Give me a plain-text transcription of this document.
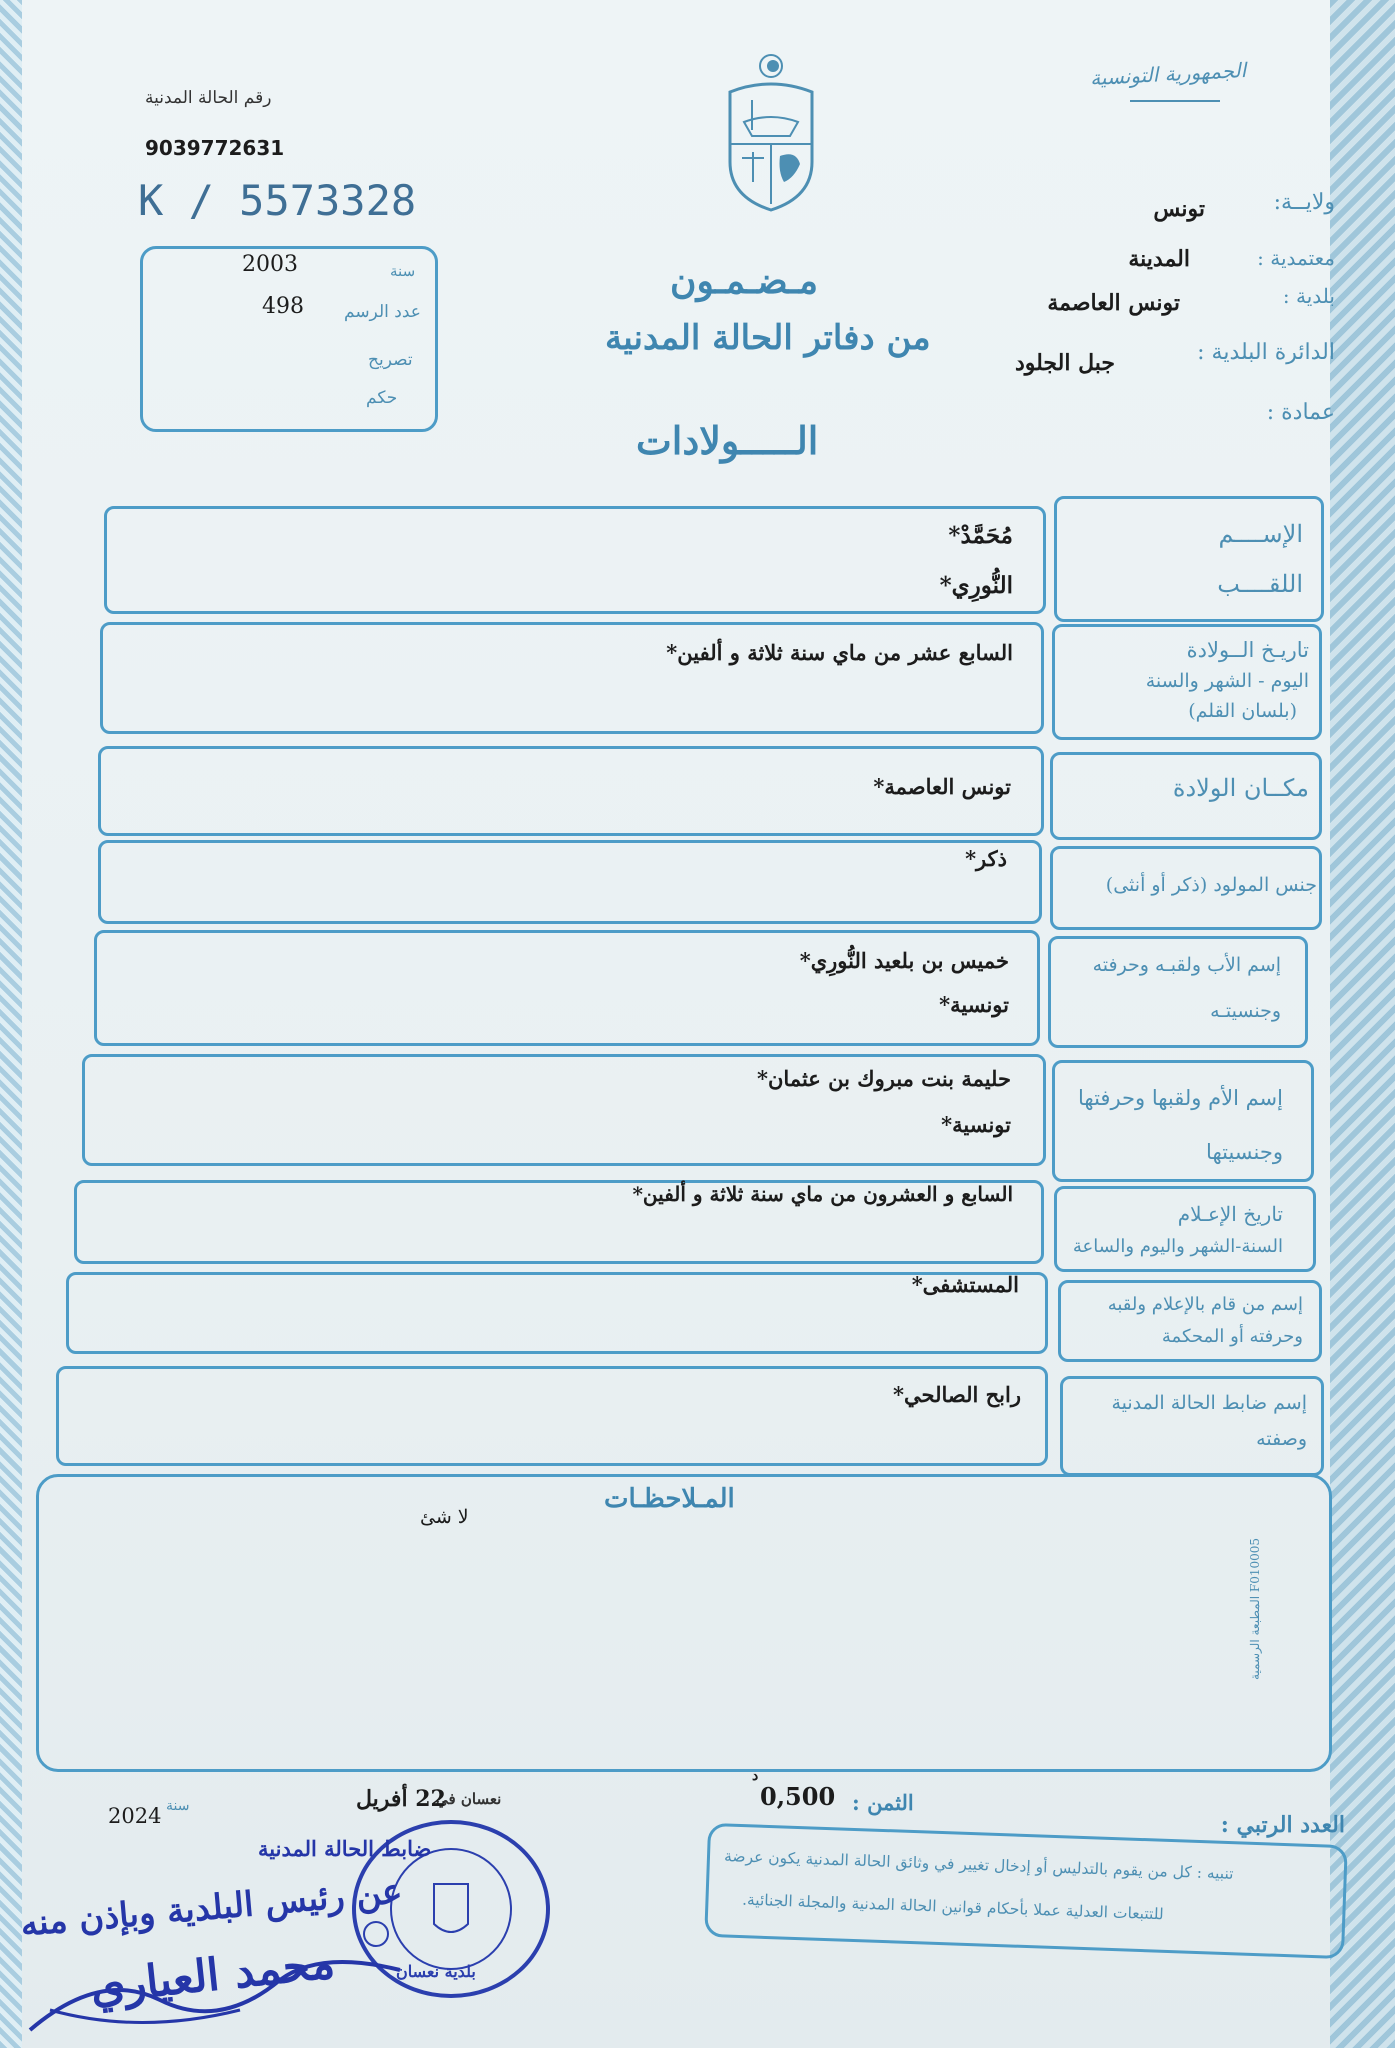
الجمهورية التونسية
رقم الحالة المدنية
9039772631
K / 5573328
مـضـمـون
من دفاتر الحالة المدنية
الـــــولادات
ولايــة:
تونس
معتمدية :
المدينة
بلدية :
تونس العاصمة
الدائرة البلدية :
جبل الجلود
عمادة :
سنة
2003
عدد الرسم
498
تصريح
حكم
الإســــم
اللقــــب
مُحَمَّدْ*
النُّورِي*
تاريـخ الــولادة
اليوم - الشهر والسنة
(بلسان القلم)
السابع عشر من ماي سنة ثلاثة و ألفين*
مكــان الولادة
تونس العاصمة*
جنس المولود (ذكر أو أنثى)
ذكر*
إسم الأب ولقبـه وحرفته
وجنسيتـه
خميس بن بلعيد النُّورِي*
تونسية*
إسم الأم ولقبها وحرفتها
وجنسيتها
حليمة بنت مبروك بن عثمان*
تونسية*
تاريخ الإعـلام
السنة-الشهر واليوم والساعة
السابع و العشرون من ماي سنة ثلاثة و ألفين*
إسم من قام بالإعلام ولقبه
وحرفته أو المحكمة
المستشفى*
إسم ضابط الحالة المدنية
وصفته
رابح الصالحي*
المـلاحظـات
لا شئ
المطبعة الرسمية F010005
الثمن :
0,500
د
العدد الرتبي :
تنبيه : كل من يقوم بالتدليس أو إدخال تغيير في وثائق الحالة المدنية يكون عرضة
للتتبعات العدلية عملا بأحكام قوانين الحالة المدنية والمجلة الجنائية.
نعسان في
22 أفريل
سنة
2024
بلدية نعسان
ضابط الحالة المدنية
عن رئيس البلدية وبإذن منه
محمد العياري
